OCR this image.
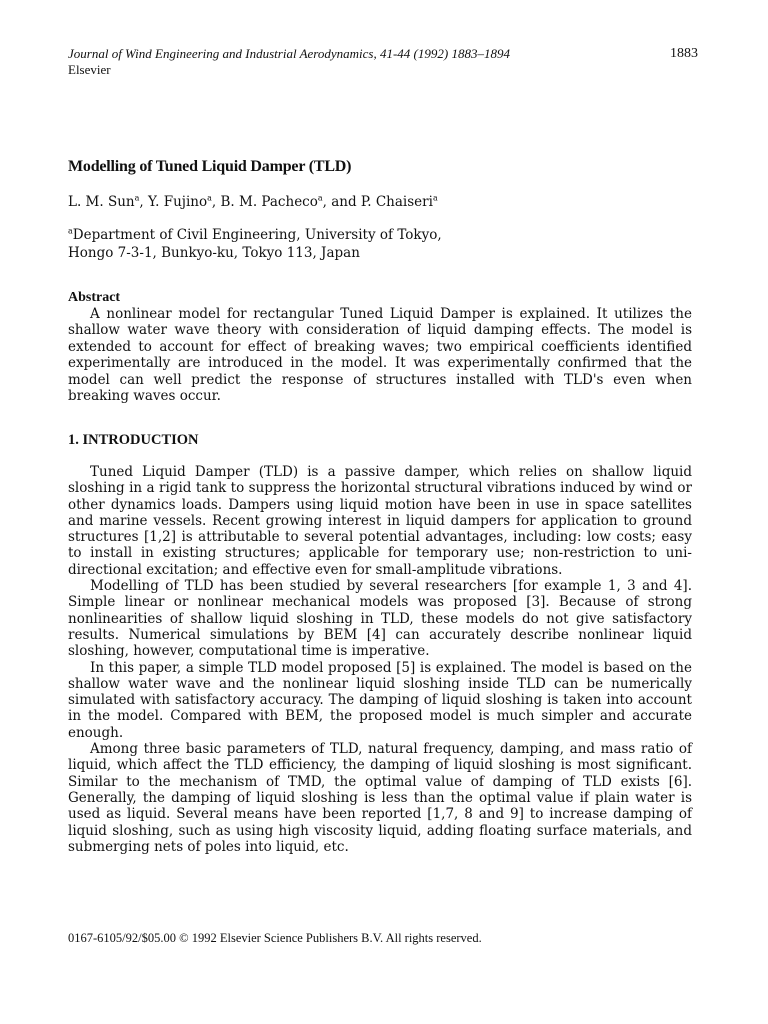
Journal of Wind Engineering and Industrial Aerodynamics, 41-44 (1992) 1883–1894
Elsevier
1883
Modelling of Tuned Liquid Damper (TLD)
L. M. Sun$^a$, Y. Fujino$^a$, B. M. Pacheco$^a$, and P. Chaiseri$^a$
$^a$Department of Civil Engineering, University of Tokyo,
Hongo 7-3-1, Bunkyo-ku, Tokyo 113, Japan
Abstract

A nonlinear model for rectangular Tuned Liquid Damper is explained. It utilizes the shallow water wave theory with consideration of liquid damping effects. The model is extended to account for effect of breaking waves; two empirical coefficients identified experimentally are introduced in the model. It was experimentally confirmed that the model can well predict the response of structures installed with TLD's even when breaking waves occur.

1. INTRODUCTION

Tuned Liquid Damper (TLD) is a passive damper, which relies on shallow liquid sloshing in a rigid tank to suppress the horizontal structural vibrations induced by wind or other dynamics loads. Dampers using liquid motion have been in use in space satellites and marine vessels. Recent growing interest in liquid dampers for application to ground structures [1,2] is attributable to several potential advantages, including: low costs; easy to install in existing structures; applicable for temporary use; non-restriction to uni-directional excitation; and effective even for small-amplitude vibrations.

Modelling of TLD has been studied by several researchers [for example 1, 3 and 4]. Simple linear or nonlinear mechanical models was proposed [3]. Because of strong nonlinearities of shallow liquid sloshing in TLD, these models do not give satisfactory results. Numerical simulations by BEM [4] can accurately describe nonlinear liquid sloshing, however, computational time is imperative.

In this paper, a simple TLD model proposed [5] is explained. The model is based on the shallow water wave and the nonlinear liquid sloshing inside TLD can be numerically simulated with satisfactory accuracy. The damping of liquid sloshing is taken into account in the model. Compared with BEM, the proposed model is much simpler and accurate enough.

Among three basic parameters of TLD, natural frequency, damping, and mass ratio of liquid, which affect the TLD efficiency, the damping of liquid sloshing is most significant. Similar to the mechanism of TMD, the optimal value of damping of TLD exists [6]. Generally, the damping of liquid sloshing is less than the optimal value if plain water is used as liquid. Several means have been reported [1,7, 8 and 9] to increase damping of liquid sloshing, such as using high viscosity liquid, adding floating surface materials, and submerging nets of poles into liquid, etc.

0167-6105/92/$05.00 © 1992 Elsevier Science Publishers B.V. All rights reserved.
